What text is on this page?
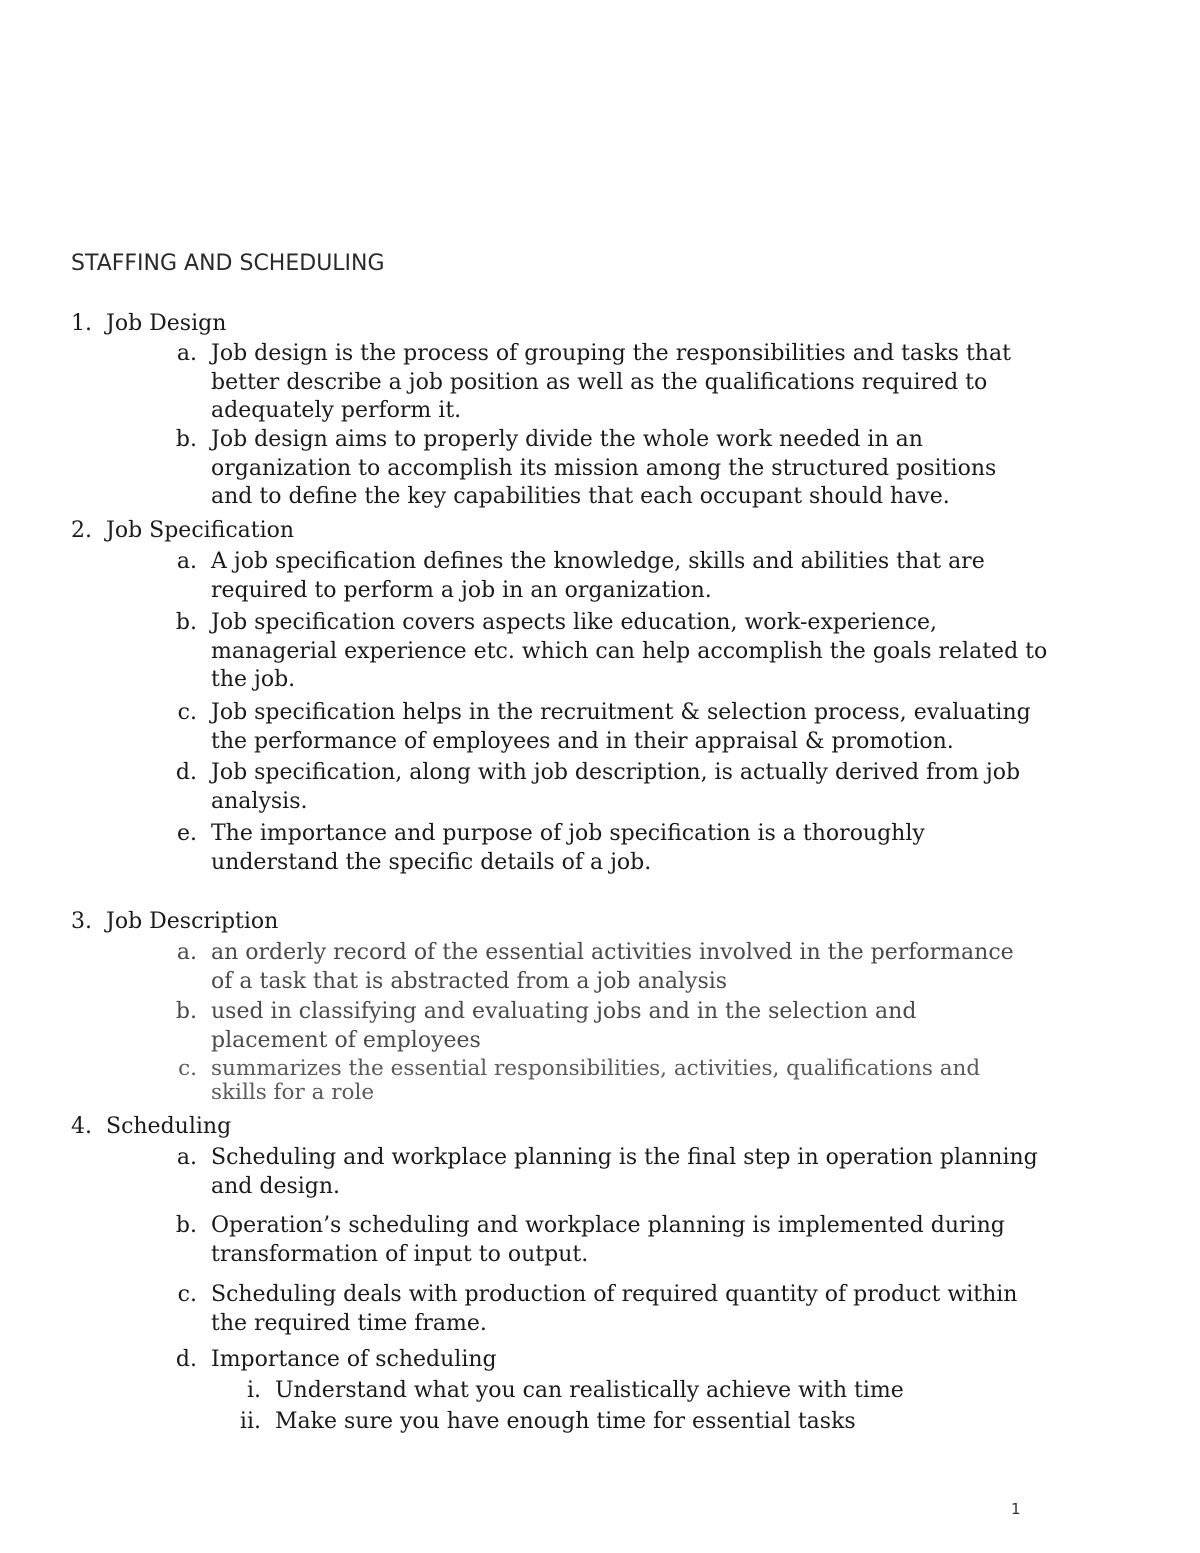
STAFFING AND SCHEDULING
1. Job Design
a. Job design is the process of grouping the responsibilities and tasks that
better describe a job position as well as the qualifications required to
adequately perform it.
b. Job design aims to properly divide the whole work needed in an
organization to accomplish its mission among the structured positions
and to define the key capabilities that each occupant should have.
2. Job Specification
a. A job specification defines the knowledge, skills and abilities that are
required to perform a job in an organization.
b. Job specification covers aspects like education, work-experience,
managerial experience etc. which can help accomplish the goals related to
the job.
c. Job specification helps in the recruitment & selection process, evaluating
the performance of employees and in their appraisal & promotion.
d. Job specification, along with job description, is actually derived from job
analysis.
e. The importance and purpose of job specification is a thoroughly
understand the specific details of a job.
3. Job Description
a. an orderly record of the essential activities involved in the performance
of a task that is abstracted from a job analysis
b. used in classifying and evaluating jobs and in the selection and
placement of employees
c. summarizes the essential responsibilities, activities, qualifications and
skills for a role
4. Scheduling
a. Scheduling and workplace planning is the final step in operation planning
and design.
b. Operation’s scheduling and workplace planning is implemented during
transformation of input to output.
c. Scheduling deals with production of required quantity of product within
the required time frame.
d. Importance of scheduling
i. Understand what you can realistically achieve with time
ii. Make sure you have enough time for essential tasks
1
